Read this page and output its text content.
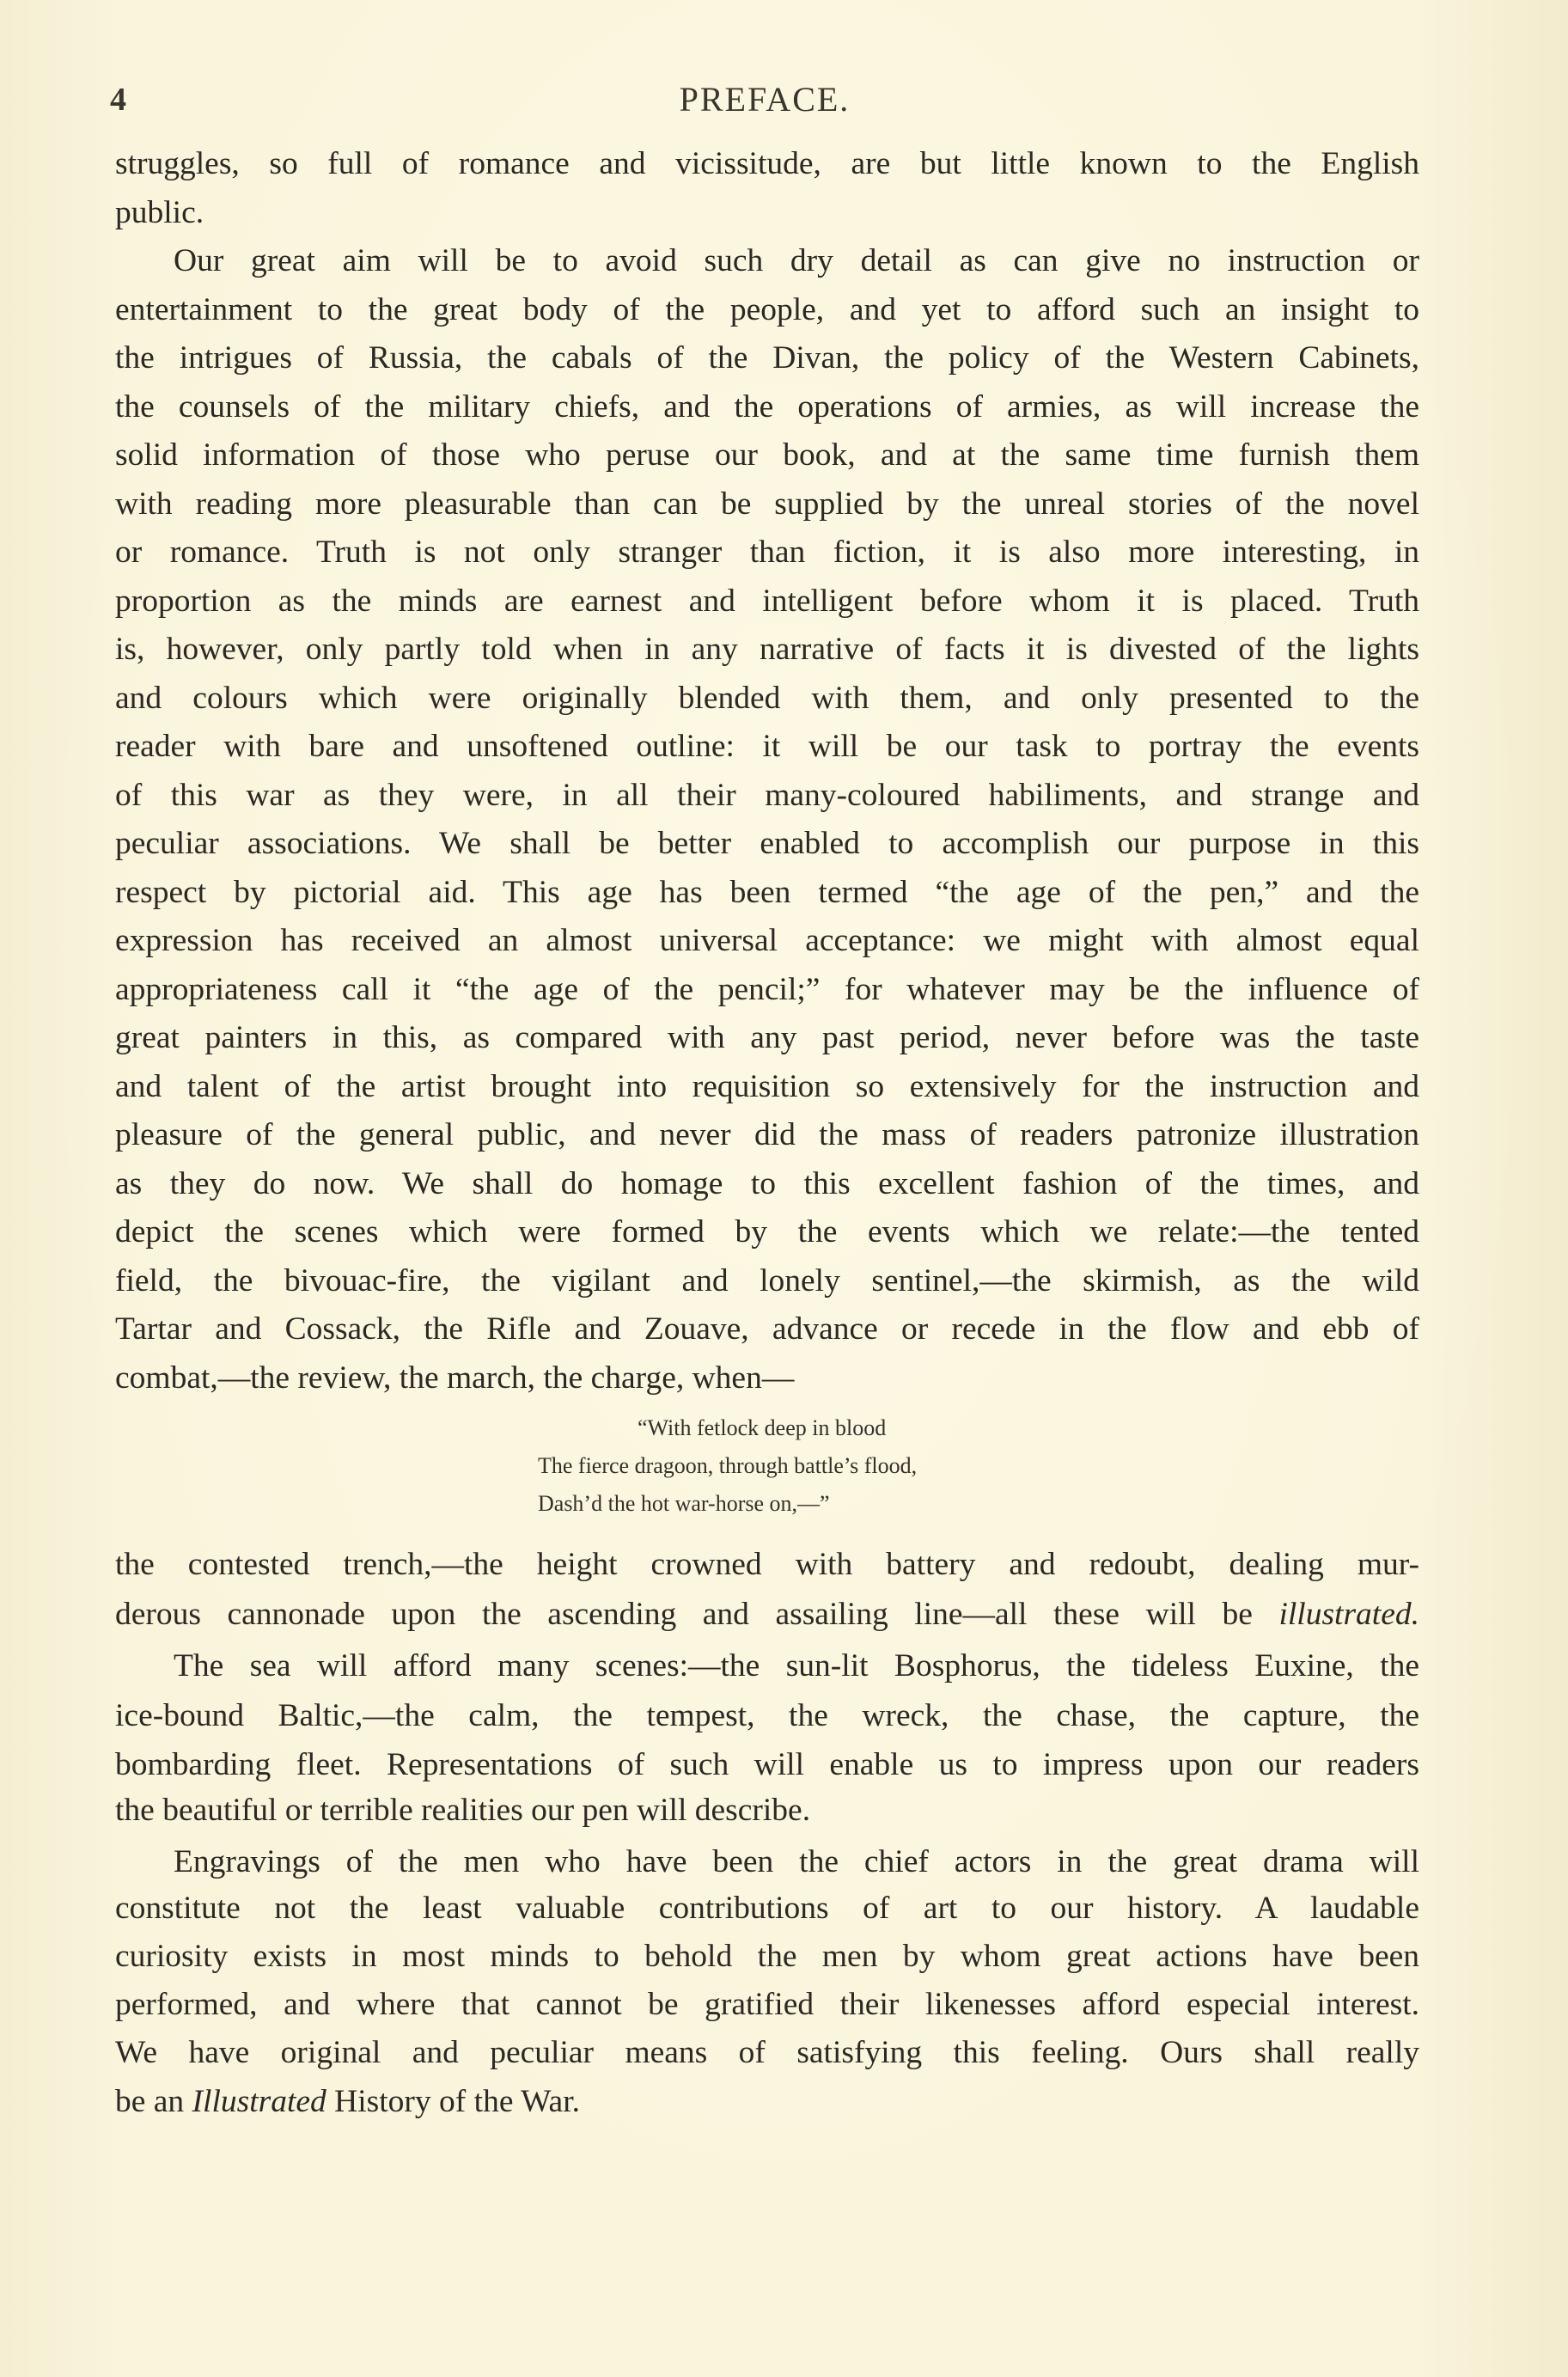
4	PREFACE.
struggles, so full of romance and vicissitude, are but little known to the English
public.
Our great aim will be to avoid such dry detail as can give no instruction or
entertainment to the great body of the people, and yet to afford such an insight to
the intrigues of Russia, the cabals of the Divan, the policy of the Western Cabinets,
the counsels of the military chiefs, and the operations of armies, as will increase the
solid information of those who peruse our book, and at the same time furnish them
with reading more pleasurable than can be supplied by the unreal stories of the novel
or romance. Truth is not only stranger than fiction, it is also more interesting, in
proportion as the minds are earnest and intelligent before whom it is placed. Truth
is, however, only partly told when in any narrative of facts it is divested of the lights
and colours which were originally blended with them, and only presented to the
reader with bare and unsoftened outline: it will be our task to portray the events
of this war as they were, in all their many-coloured habiliments, and strange and
peculiar associations. We shall be better enabled to accomplish our purpose in this
respect by pictorial aid. This age has been termed “the age of the pen,” and the
expression has received an almost universal acceptance: we might with almost equal
appropriateness call it “the age of the pencil;” for whatever may be the influence of
great painters in this, as compared with any past period, never before was the taste
and talent of the artist brought into requisition so extensively for the instruction and
pleasure of the general public, and never did the mass of readers patronize illustration
as they do now. We shall do homage to this excellent fashion of the times, and
depict the scenes which were formed by the events which we relate:—the tented
field, the bivouac-fire, the vigilant and lonely sentinel,—the skirmish, as the wild
Tartar and Cossack, the Rifle and Zouave, advance or recede in the flow and ebb of
combat,—the review, the march, the charge, when—
the contested trench,—the height crowned with battery and redoubt, dealing mur-
derous cannonade upon the ascending and assailing line—all these will be illustrated.
The sea will afford many scenes:—the sun-lit Bosphorus, the tideless Euxine, the
ice-bound Baltic,—the calm, the tempest, the wreck, the chase, the capture, the
bombarding fleet. Representations of such will enable us to impress upon our readers
the beautiful or terrible realities our pen will describe.
Engravings of the men who have been the chief actors in the great drama will
constitute not the least valuable contributions of art to our history. A laudable
curiosity exists in most minds to behold the men by whom great actions have been
performed, and where that cannot be gratified their likenesses afford especial interest.
We have original and peculiar means of satisfying this feeling. Ours shall really
be an Illustrated History of the War.
“With fetlock deep in blood
The fierce dragoon, through battle’s flood,
Dash’d the hot war-horse on,—”
